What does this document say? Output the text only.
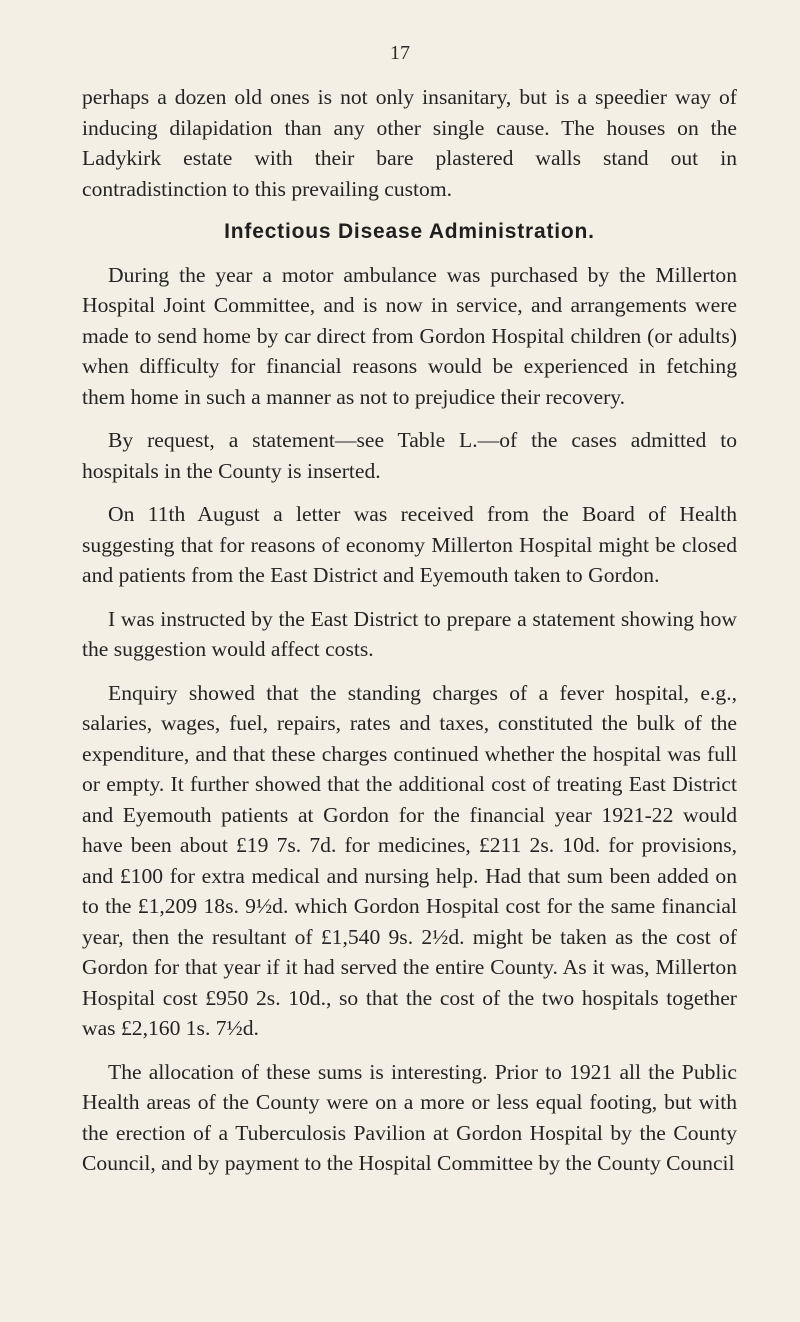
17

perhaps a dozen old ones is not only insanitary, but is a speedier way of inducing dilapidation than any other single cause. The houses on the Ladykirk estate with their bare plastered walls stand out in contradistinction to this prevailing custom.

Infectious Disease Administration.

During the year a motor ambulance was purchased by the Millerton Hospital Joint Committee, and is now in service, and arrangements were made to send home by car direct from Gordon Hospital children (or adults) when difficulty for financial reasons would be experienced in fetching them home in such a manner as not to prejudice their recovery.

By request, a statement—see Table L.—of the cases admitted to hospitals in the County is inserted.

On 11th August a letter was received from the Board of Health suggesting that for reasons of economy Millerton Hospital might be closed and patients from the East District and Eyemouth taken to Gordon.

I was instructed by the East District to prepare a statement showing how the suggestion would affect costs.

Enquiry showed that the standing charges of a fever hospital, e.g., salaries, wages, fuel, repairs, rates and taxes, constituted the bulk of the expenditure, and that these charges continued whether the hospital was full or empty. It further showed that the additional cost of treating East District and Eyemouth patients at Gordon for the financial year 1921-22 would have been about £19 7s. 7d. for medicines, £211 2s. 10d. for provisions, and £100 for extra medical and nursing help. Had that sum been added on to the £1,209 18s. 9½d. which Gordon Hospital cost for the same financial year, then the resultant of £1,540 9s. 2½d. might be taken as the cost of Gordon for that year if it had served the entire County. As it was, Millerton Hospital cost £950 2s. 10d., so that the cost of the two hospitals together was £2,160 1s. 7½d.

The allocation of these sums is interesting. Prior to 1921 all the Public Health areas of the County were on a more or less equal footing, but with the erection of a Tuberculosis Pavilion at Gordon Hospital by the County Council, and by payment to the Hospital Committee by the County Council
